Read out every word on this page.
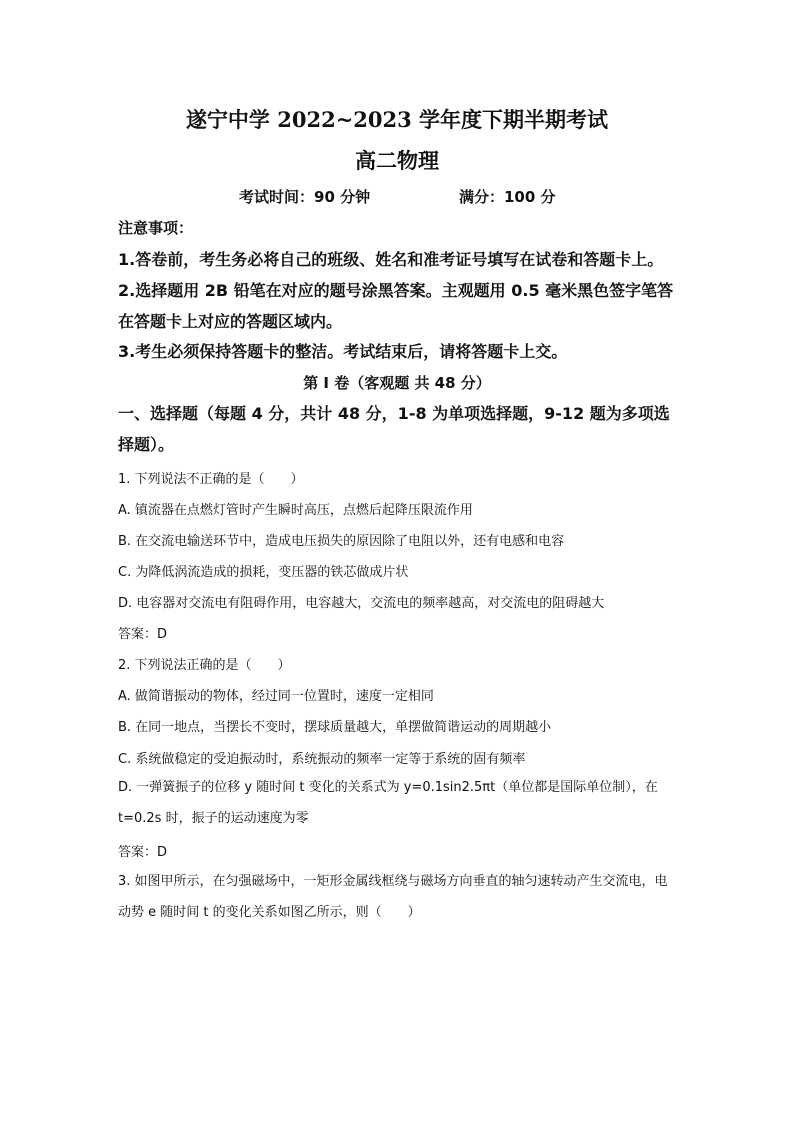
遂宁中学 2022~2023 学年度下期半期考试
高二物理
考试时间：90 分钟	满分：100 分
注意事项：
1.答卷前，考生务必将自己的班级、姓名和准考证号填写在试卷和答题卡上。
2.选择题用 2B 铅笔在对应的题号涂黑答案。主观题用 0.5 毫米黑色签字笔答在答题卡上对应的答题区域内。
3.考生必须保持答题卡的整洁。考试结束后，请将答题卡上交。
第 Ⅰ 卷（客观题 共 48 分）
一、选择题（每题 4 分，共计 48 分，1-8 为单项选择题，9-12 题为多项选择题）。
1. 下列说法不正确的是（　　）
A. 镇流器在点燃灯管时产生瞬时高压，点燃后起降压限流作用
B. 在交流电输送环节中，造成电压损失的原因除了电阻以外，还有电感和电容
C. 为降低涡流造成的损耗，变压器的铁芯做成片状
D. 电容器对交流电有阻碍作用，电容越大，交流电的频率越高，对交流电的阻碍越大
答案：D
2. 下列说法正确的是（　　）
A. 做简谐振动的物体，经过同一位置时，速度一定相同
B. 在同一地点，当摆长不变时，摆球质量越大，单摆做简谐运动的周期越小
C. 系统做稳定的受迫振动时，系统振动的频率一定等于系统的固有频率
D. 一弹簧振子的位移 y 随时间 t 变化的关系式为 y=0.1sin2.5πt（单位都是国际单位制），在 t=0.2s 时，振子的运动速度为零
答案：D
3. 如图甲所示，在匀强磁场中，一矩形金属线框绕与磁场方向垂直的轴匀速转动产生交流电，电动势 e 随时间 t 的变化关系如图乙所示，则（　　）
